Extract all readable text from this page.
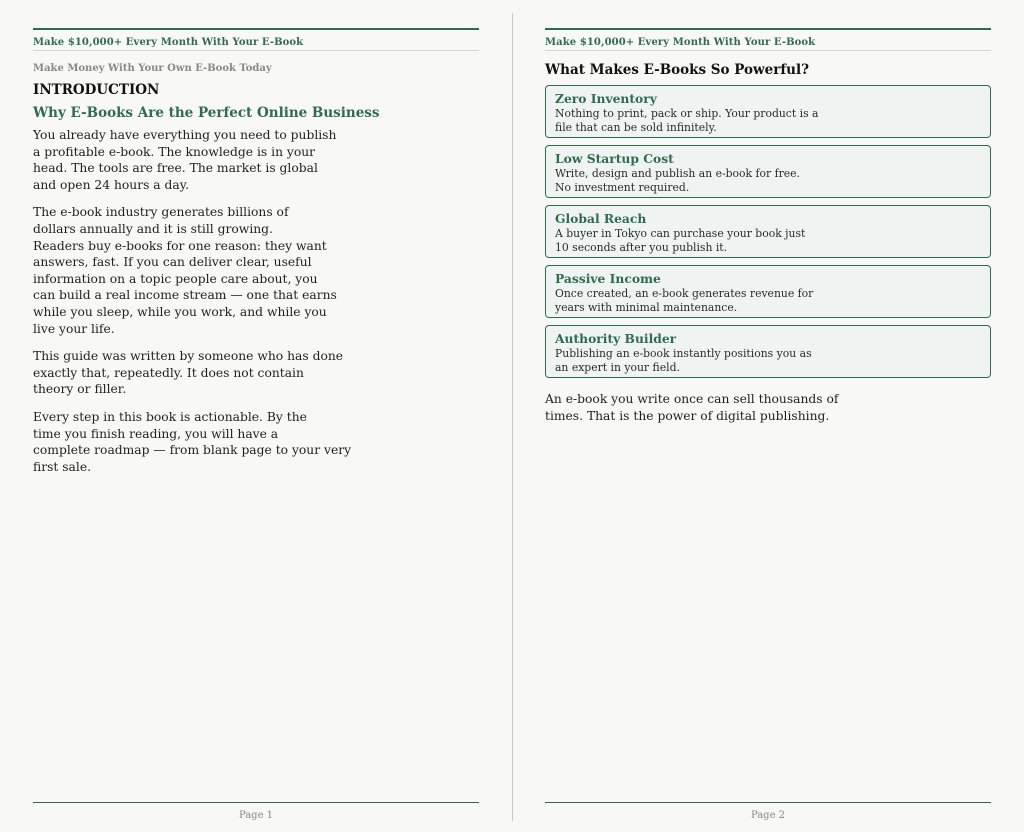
Make $10,000+ Every Month With Your E-Book
Make Money With Your Own E-Book Today
INTRODUCTION
Why E-Books Are the Perfect Online Business

You already have everything you need to publish
a profitable e-book. The knowledge is in your
head. The tools are free. The market is global
and open 24 hours a day.

The e-book industry generates billions of
dollars annually and it is still growing.
Readers buy e-books for one reason: they want
answers, fast. If you can deliver clear, useful
information on a topic people care about, you
can build a real income stream — one that earns
while you sleep, while you work, and while you
live your life.

This guide was written by someone who has done
exactly that, repeatedly. It does not contain
theory or filler.

Every step in this book is actionable. By the
time you finish reading, you will have a
complete roadmap — from blank page to your very
first sale.

Page 1
Make $10,000+ Every Month With Your E-Book
What Makes E-Books So Powerful?
Zero Inventory
Nothing to print, pack or ship. Your product is a
file that can be sold infinitely.
Low Startup Cost
Write, design and publish an e-book for free.
No investment required.
Global Reach
A buyer in Tokyo can purchase your book just
10 seconds after you publish it.
Passive Income
Once created, an e-book generates revenue for
years with minimal maintenance.
Authority Builder
Publishing an e-book instantly positions you as
an expert in your field.
An e-book you write once can sell thousands of
times. That is the power of digital publishing.
Page 2
